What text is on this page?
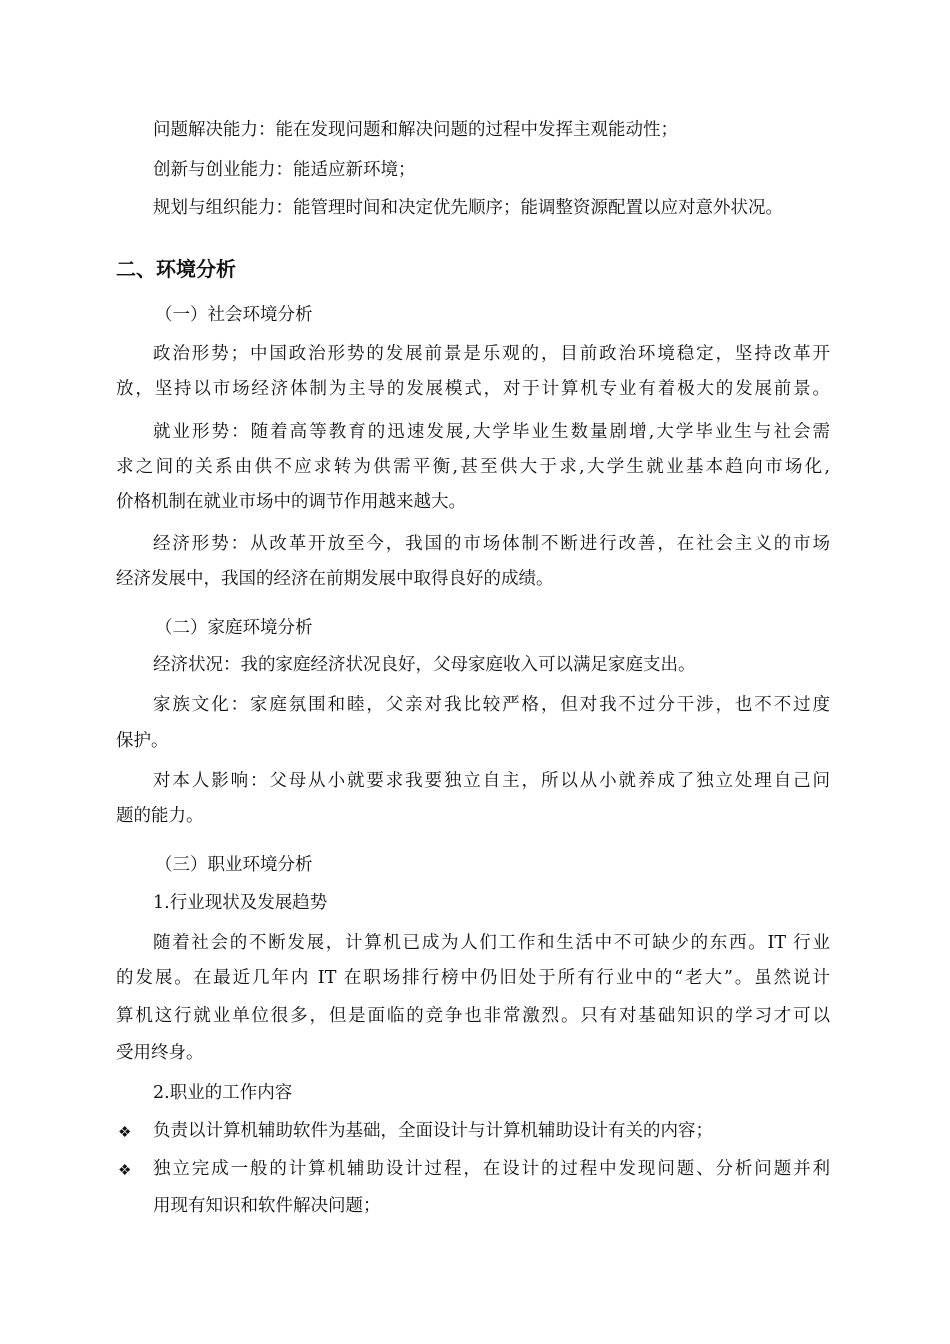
问题解决能力：能在发现问题和解决问题的过程中发挥主观能动性；
创新与创业能力：能适应新环境；
规划与组织能力：能管理时间和决定优先顺序；能调整资源配置以应对意外状况。
二、环境分析
（一）社会环境分析
政治形势；中国政治形势的发展前景是乐观的，目前政治环境稳定，坚持改革开
放，坚持以市场经济体制为主导的发展模式，对于计算机专业有着极大的发展前景。
就业形势：随着高等教育的迅速发展,大学毕业生数量剧增,大学毕业生与社会需
求之间的关系由供不应求转为供需平衡,甚至供大于求,大学生就业基本趋向市场化,
价格机制在就业市场中的调节作用越来越大。
经济形势：从改革开放至今，我国的市场体制不断进行改善，在社会主义的市场
经济发展中，我国的经济在前期发展中取得良好的成绩。
（二）家庭环境分析
经济状况：我的家庭经济状况良好，父母家庭收入可以满足家庭支出。
家族文化：家庭氛围和睦，父亲对我比较严格，但对我不过分干涉，也不不过度
保护。
对本人影响：父母从小就要求我要独立自主，所以从小就养成了独立处理自己问
题的能力。
（三）职业环境分析
1.行业现状及发展趋势
随着社会的不断发展，计算机已成为人们工作和生活中不可缺少的东西。IT 行业
的发展。在最近几年内 IT 在职场排行榜中仍旧处于所有行业中的“老大”。虽然说计
算机这行就业单位很多，但是面临的竞争也非常激烈。只有对基础知识的学习才可以
受用终身。
2.职业的工作内容
❖ 负责以计算机辅助软件为基础，全面设计与计算机辅助设计有关的内容；
❖ 独立完成一般的计算机辅助设计过程，在设计的过程中发现问题、分析问题并利
用现有知识和软件解决问题；
